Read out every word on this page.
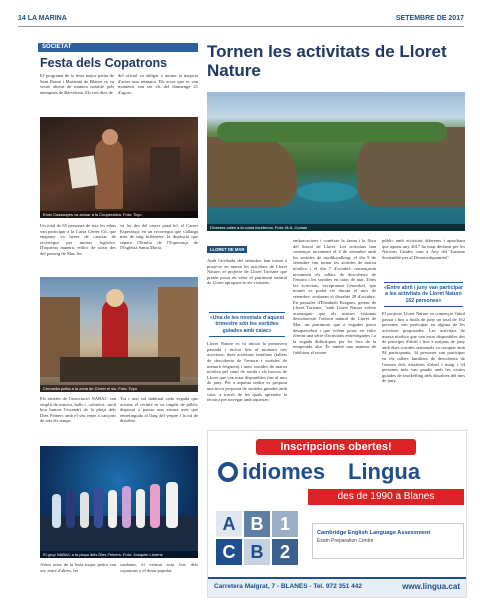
14 LA MARINA	SETEMBRE DE 2017
SOCIETAT
Festa dels Copatrons
El programa de la festa major petita de Sant Romà i Maximià de Blanes es va veure alterat de manera notable pels atemptats de Barcelona. Els tres dies de
del oficial va obligar a moure la majoria d'actes una setmana. Els actes que es van mantenir van ser els del diumenge 21 d'agost.
Enric Cassanyes va actuar a la Cooperativa. Foto: Toyo
Un total de 65 persones de tota les edats van participar a la Cursa Cèrrer Cit, que enguany va haver de canviar de recorregut per motius logístics. D'aquesta manera, enlloc de sortir des del passeig de Mar, les
va fer des del carrer paral·lel, el Carrer Esperança, en un recorregut que s'allarga més de mig kilòmetre, la distància que separa l'Ermita de l'Esperança de l'Església Santa Maria.
Cercavila petita a la zona de Cèrrer el sis. Foto: Toyo
Els artistes de l'associació NABAC van omplir de música, balls i –sobretot– molt bon humor l'escenari de la plaça dels Dies Feiners amb el seu repte a cançons de tots els temps.
Tot i així sol habitual cada vegada que actuen, el recinte es va omplir de públic disposat a passar una estona més que entretinguda al llarg del vespre i la nit de dissabte.
El grup NABAC a la plaça dels Dies Feiners. Foto: Joaquim Llorens
Altres actes de la festa major petita van ser, entre d'altres, les
sardanes, el vermut sota l'arc dels copatrons o el dinar popular.
Tornen les activitats de Lloret Nature
Diverses cales a la costa lloretenca. Foto: M.A. Comas
LLORET DE MAR
Amb l'arribada del setembre han tornat a posar-se en marxa les activitats de Lloret Nature, el projecte de Lloret Turisme que pretén posar en valor el patrimoni natural de Lloret apropant-lo als visitants.
«Una de les novetats d'aquest trimestre són les sortides guiades amb caiac»
Lloret Nature es va iniciar la primavera passada i inclou fins al moment tres activitats: dues activitats familiars (tallers de descoberta de l'entorn i sortides de menorà fesguera) i unes sortides de marxa nòrdica pel camí de ronda i els boscos de Lloret que van estar disponibles fins al mes de juny. Per a aquesta tardor es proposa una nova proposta de sortides guiades amb caiac a través de les quals aprendre la tècnica per navegar amb aquestes
embarcacions i conèixer la fauna i la flora del litoral de Lloret. Les activitats han començat novament el 2 de setembre amb les sortides de nordikwalking, el dia 9 de setembre van tornar les sortides de marxa nòrdica i el dia 7 d'octubre començaran novament els tallers de descoberta de l'entorn i les sortides en caiac de mar. Totes les activitats, excepturant l'esnorkel, que només es podrà fer durant el mes de setembre, acabaran el dissabte 28 d'octubre. En paraules d'Elisabeth Kragues, gerent de Lloret Turisme, "amb Lloret Nature volem aconseguir que els nostres visitants descobreixin l'entorn natural de Lloret de Mar, un patrimoni que a vegades passa desapercebut i que volem posar en valor oferint una sèrie d'activitats entretingudes i a la vegada didàctiques per fer fora de la temporada alta. És també una manera de fidelitzar el nostre
públic amb activitats diferents i aprofitant que aquest any 2017 ha estat declarat per les Nacions Unides com a Any del Turisme Sostenible per al Desenvolupament".
«Entre abril i juny van participar a les activitats de Lloret Nature 162 persones»
El projecte Lloret Nature va començar l'abril passat i fins a finals de juny un total de 162 persones van participar en alguna de les activitats proposades. Les activitats de marxa nòrdica que van estar disponibles des de principis d'abril i fins a mitjans de juny amb dues sortides setmanals va comptar amb 94 participants; 34 persones van participar en els tallers familiars de descoberta de l'entorn dels dissabtes d'abril i maig i 34 persones més van gaudir amb les visites guiades de snorkelling dels dissabtes del mes de juny.
Inscripcions obertes!
idiomes Lingua
des de 1990 a Blanes
A B 1
C B 2
Cambridge English Language Assessment
Exam Preparation Centre
Carretera Malgrat, 7 - BLANES - Tel. 972 351 442	www.lingua.cat
